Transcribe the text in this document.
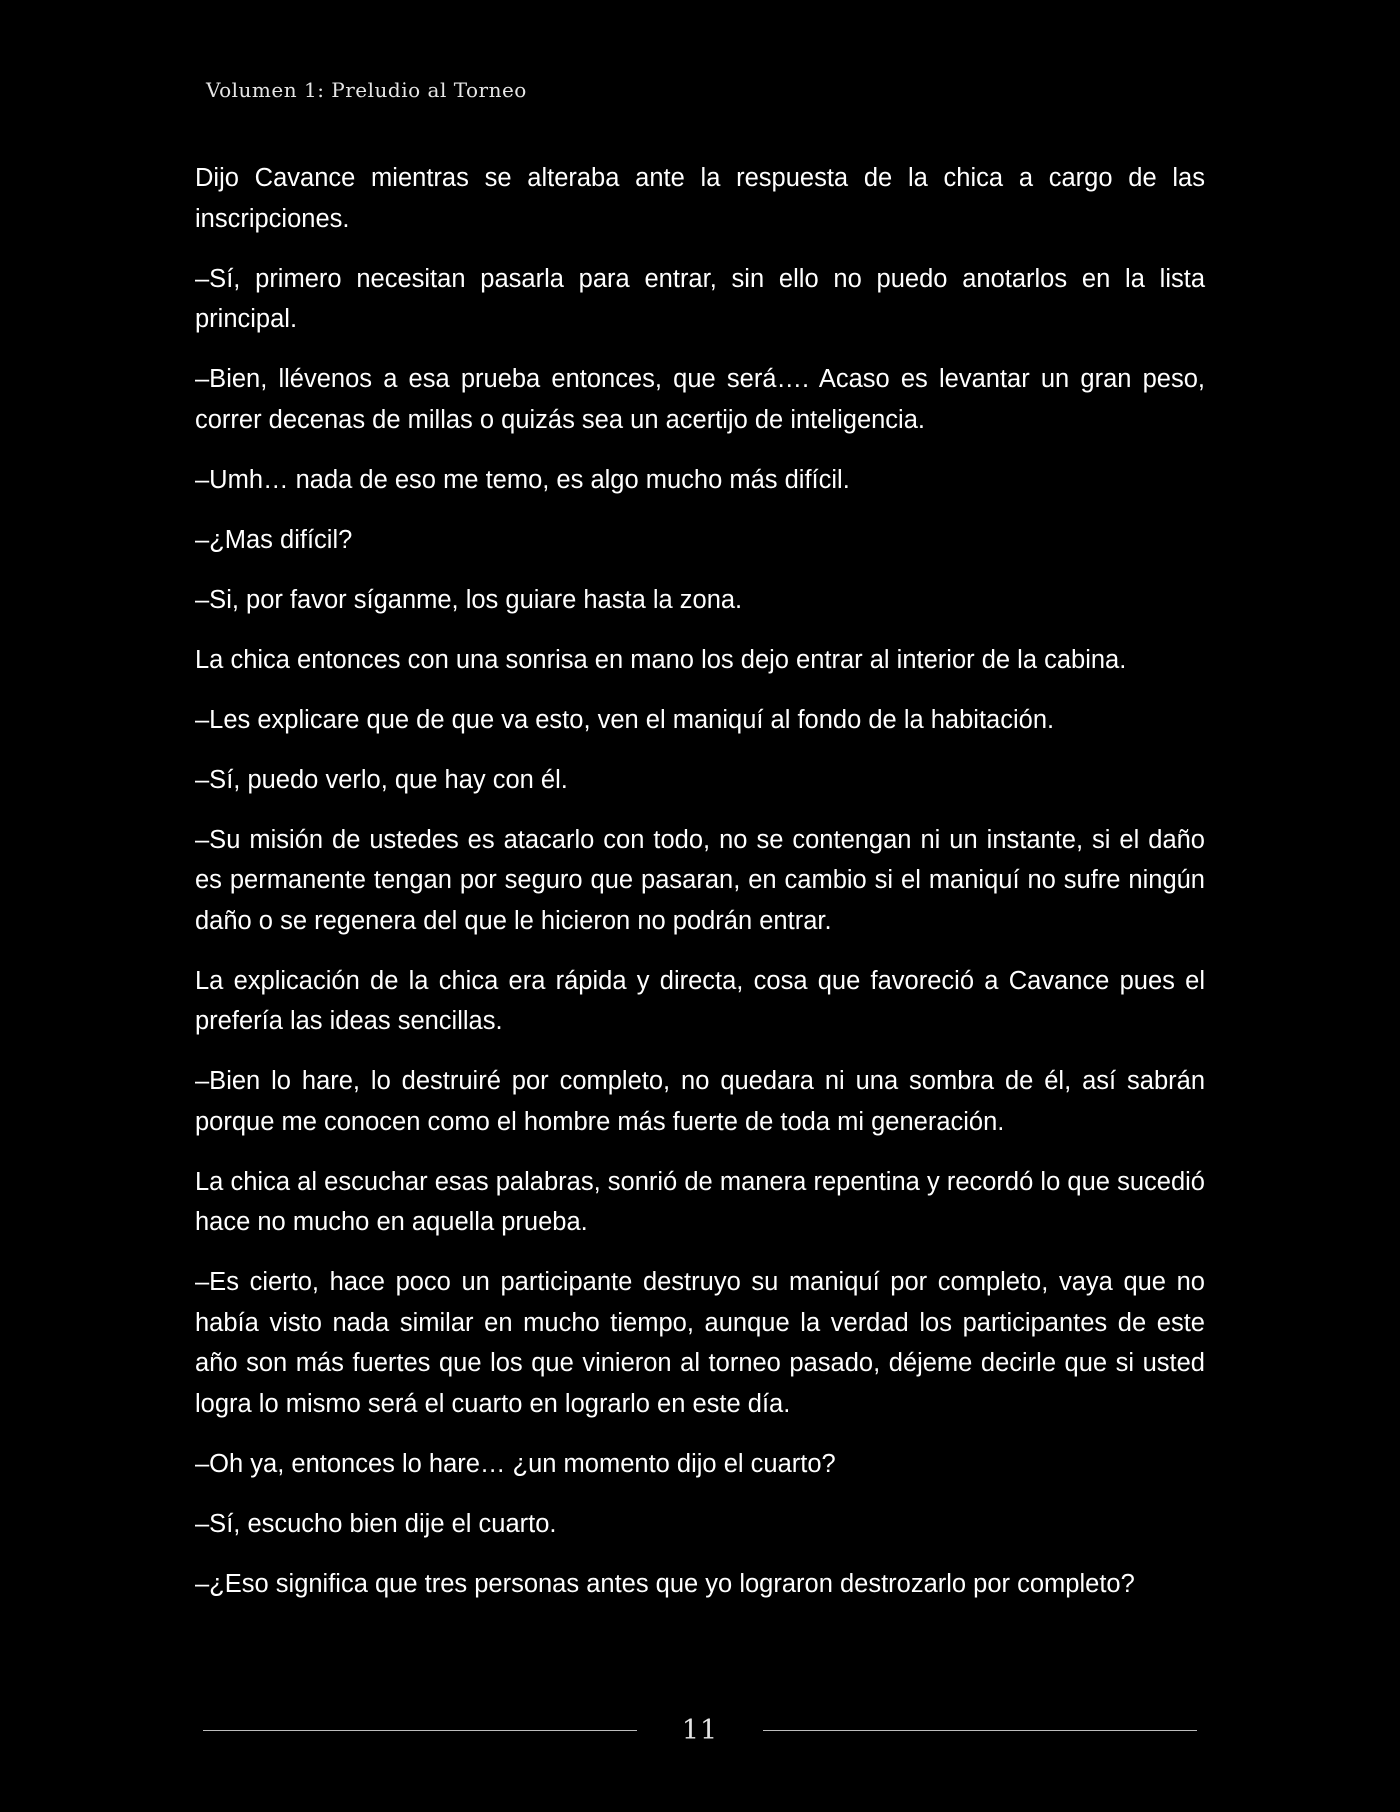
Volumen 1: Preludio al Torneo

Dijo Cavance mientras se alteraba ante la respuesta de la chica a cargo de las inscripciones.

–Sí, primero necesitan pasarla para entrar, sin ello no puedo anotarlos en la lista principal.

–Bien, llévenos a esa prueba entonces, que será…. Acaso es levantar un gran peso, correr decenas de millas o quizás sea un acertijo de inteligencia.

–Umh… nada de eso me temo, es algo mucho más difícil.

–¿Mas difícil?

–Si, por favor síganme, los guiare hasta la zona.

La chica entonces con una sonrisa en mano los dejo entrar al interior de la cabina.

–Les explicare que de que va esto, ven el maniquí al fondo de la habitación.

–Sí, puedo verlo, que hay con él.

–Su misión de ustedes es atacarlo con todo, no se contengan ni un instante, si el daño es permanente tengan por seguro que pasaran, en cambio si el maniquí no sufre ningún daño o se regenera del que le hicieron no podrán entrar.

La explicación de la chica era rápida y directa, cosa que favoreció a Cavance pues el prefería las ideas sencillas.

–Bien lo hare, lo destruiré por completo, no quedara ni una sombra de él, así sabrán porque me conocen como el hombre más fuerte de toda mi generación.

La chica al escuchar esas palabras, sonrió de manera repentina y recordó lo que sucedió hace no mucho en aquella prueba.

–Es cierto, hace poco un participante destruyo su maniquí por completo, vaya que no había visto nada similar en mucho tiempo, aunque la verdad los participantes de este año son más fuertes que los que vinieron al torneo pasado, déjeme decirle que si usted logra lo mismo será el cuarto en lograrlo en este día.

–Oh ya, entonces lo hare… ¿un momento dijo el cuarto?

–Sí, escucho bien dije el cuarto.

–¿Eso significa que tres personas antes que yo lograron destrozarlo por completo?

11
